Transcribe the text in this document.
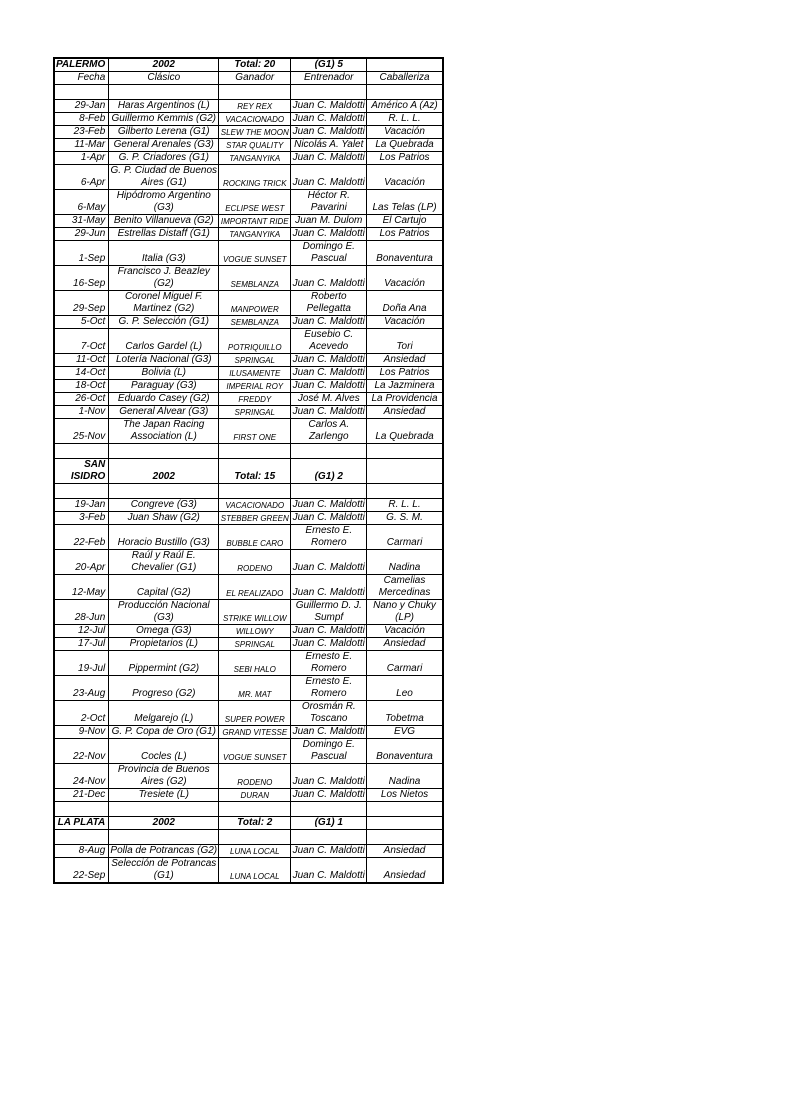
PALERMO	2002	Total: 20	(G1) 5	
Fecha	Clásico	Ganador	Entrenador	Caballeriza

29-Jan	Haras Argentinos (L)	REY REX	Juan C. Maldotti	Américo A (Az)
8-Feb	Guillermo Kemmis (G2)	VACACIONADO	Juan C. Maldotti	R. L. L.
23-Feb	Gilberto Lerena (G1)	SLEW THE MOON	Juan C. Maldotti	Vacación
11-Mar	General Arenales (G3)	STAR QUALITY	Nicolás A. Yalet	La Quebrada
1-Apr	G. P. Criadores (G1)	TANGANYIKA	Juan C. Maldotti	Los Patrios
6-Apr	G. P. Ciudad de Buenos Aires (G1)	ROCKING TRICK	Juan C. Maldotti	Vacación
6-May	Hipódromo Argentino (G3)	ECLIPSE WEST	Héctor R. Pavarini	Las Telas (LP)
31-May	Benito Villanueva (G2)	IMPORTANT RIDE	Juan M. Dulom	El Cartujo
29-Jun	Estrellas Distaff (G1)	TANGANYIKA	Juan C. Maldotti	Los Patrios
1-Sep	Italia (G3)	VOGUE SUNSET	Domingo E. Pascual	Bonaventura
16-Sep	Francisco J. Beazley (G2)	SEMBLANZA	Juan C. Maldotti	Vacación
29-Sep	Coronel Miguel F. Martinez (G2)	MANPOWER	Roberto Pellegatta	Doña Ana
5-Oct	G. P. Selección (G1)	SEMBLANZA	Juan C. Maldotti	Vacación
7-Oct	Carlos Gardel (L)	POTRIQUILLO	Eusebio C. Acevedo	Tori
11-Oct	Lotería Nacional (G3)	SPRINGAL	Juan C. Maldotti	Ansiedad
14-Oct	Bolivia (L)	ILUSAMENTE	Juan C. Maldotti	Los Patrios
18-Oct	Paraguay (G3)	IMPERIAL ROY	Juan C. Maldotti	La Jazminera
26-Oct	Eduardo Casey (G2)	FREDDY	José M. Alves	La Providencia
1-Nov	General Alvear (G3)	SPRINGAL	Juan C. Maldotti	Ansiedad
25-Nov	The Japan Racing Association (L)	FIRST ONE	Carlos A. Zarlengo	La Quebrada

SAN ISIDRO	2002	Total: 15	(G1) 2	

19-Jan	Congreve (G3)	VACACIONADO	Juan C. Maldotti	R. L. L.
3-Feb	Juan Shaw (G2)	STEBBER GREEN	Juan C. Maldotti	G. S. M.
22-Feb	Horacio Bustillo (G3)	BUBBLE CARO	Ernesto E. Romero	Carmari
20-Apr	Raúl y Raúl E. Chevalier (G1)	RODENO	Juan C. Maldotti	Nadina
12-May	Capital (G2)	EL REALIZADO	Juan C. Maldotti	Camelias Mercedinas
28-Jun	Producción Nacional (G3)	STRIKE WILLOW	Guillermo D. J. Sumpf	Nano y Chuky (LP)
12-Jul	Omega (G3)	WILLOWY	Juan C. Maldotti	Vacación
17-Jul	Propietarios (L)	SPRINGAL	Juan C. Maldotti	Ansiedad
19-Jul	Pippermint (G2)	SEBI HALO	Ernesto E. Romero	Carmari
23-Aug	Progreso (G2)	MR. MAT	Ernesto E. Romero	Leo
2-Oct	Melgarejo (L)	SUPER POWER	Orosmán R. Toscano	Tobetma
9-Nov	G. P. Copa de Oro (G1)	GRAND VITESSE	Juan C. Maldotti	EVG
22-Nov	Cocles (L)	VOGUE SUNSET	Domingo E. Pascual	Bonaventura
24-Nov	Provincia de Buenos Aires (G2)	RODENO	Juan C. Maldotti	Nadina
21-Dec	Tresiete (L)	DURAN	Juan C. Maldotti	Los Nietos

LA PLATA	2002	Total: 2	(G1) 1	

8-Aug	Polla de Potrancas (G2)	LUNA LOCAL	Juan C. Maldotti	Ansiedad
22-Sep	Selección de Potrancas (G1)	LUNA LOCAL	Juan C. Maldotti	Ansiedad
